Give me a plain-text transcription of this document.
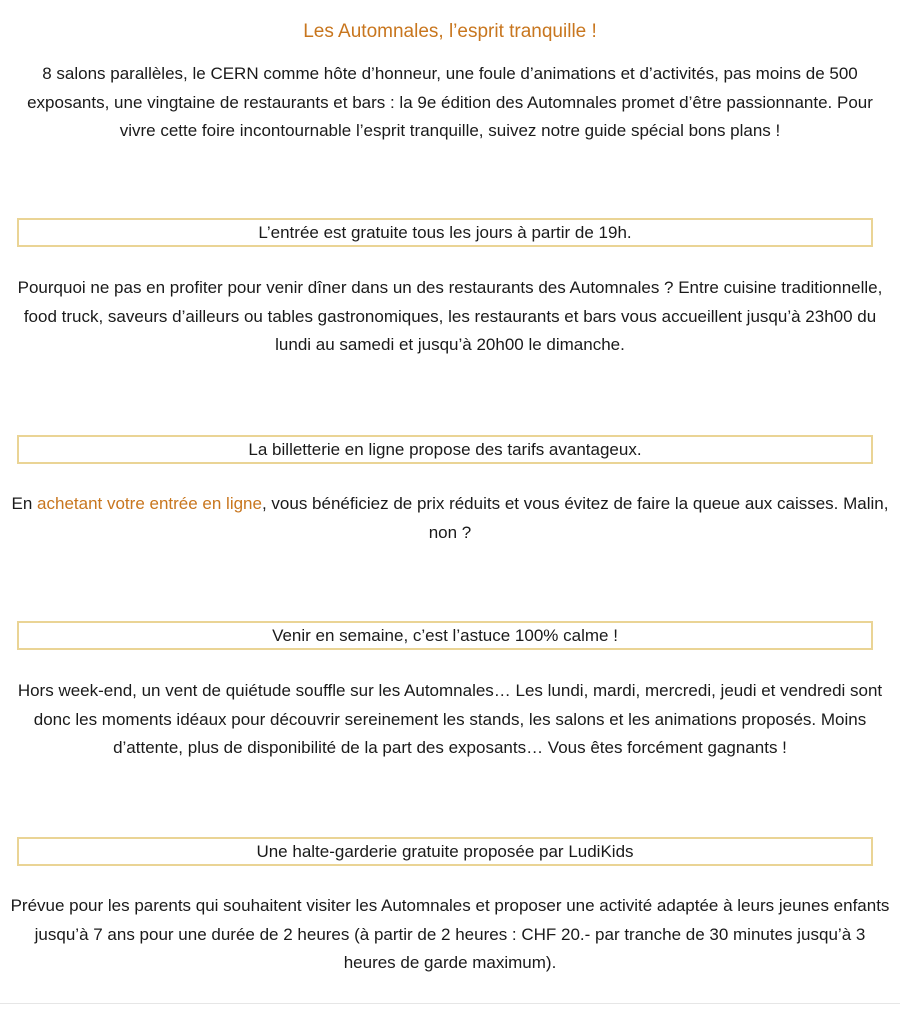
Les Automnales, l’esprit tranquille !
8 salons parallèles, le CERN comme hôte d’honneur, une foule d’animations et d’activités, pas moins de 500 exposants, une vingtaine de restaurants et bars : la 9e édition des Automnales promet d’être passionnante. Pour vivre cette foire incontournable l’esprit tranquille, suivez notre guide spécial bons plans !
L’entrée est gratuite tous les jours à partir de 19h.
Pourquoi ne pas en profiter pour venir dîner dans un des restaurants des Automnales ? Entre cuisine traditionnelle, food truck, saveurs d’ailleurs ou tables gastronomiques, les restaurants et bars vous accueillent jusqu’à 23h00 du lundi au samedi et jusqu’à 20h00 le dimanche.
La billetterie en ligne propose des tarifs avantageux.
En achetant votre entrée en ligne, vous bénéficiez de prix réduits et vous évitez de faire la queue aux caisses. Malin, non ?
Venir en semaine, c’est l’astuce 100% calme !
Hors week-end, un vent de quiétude souffle sur les Automnales… Les lundi, mardi, mercredi, jeudi et vendredi sont donc les moments idéaux pour découvrir sereinement les stands, les salons et les animations proposés. Moins d’attente, plus de disponibilité de la part des exposants… Vous êtes forcément gagnants !
Une halte-garderie gratuite proposée par LudiKids
Prévue pour les parents qui souhaitent visiter les Automnales et proposer une activité adaptée à leurs jeunes enfants jusqu’à 7 ans pour une durée de 2 heures (à partir de 2 heures : CHF 20.- par tranche de 30 minutes jusqu’à 3 heures de garde maximum).
